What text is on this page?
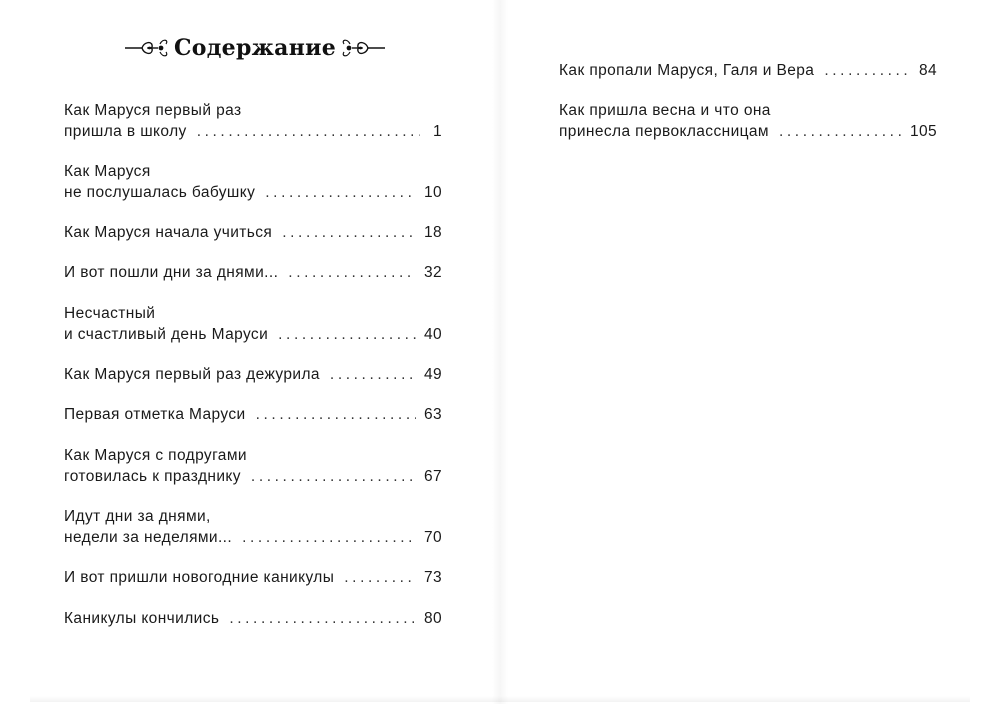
Содержание
Как Маруся первый раз
пришла в школу .....	1
Как Маруся
не послушалась бабушку .....	10
Как Маруся начала учиться .....	18
И вот пошли дни за днями... .....	32
Несчастный
и счастливый день Маруси .....	40
Как Маруся первый раз дежурила .....	49
Первая отметка Маруси .....	63
Как Маруся с подругами
готовилась к празднику .....	67
Идут дни за днями,
недели за неделями... .....	70
И вот пришли новогодние каникулы .....	73
Каникулы кончились .....	80
Как пропали Маруся, Галя и Вера .....	84
Как пришла весна и что она
принесла первоклассницам .....	105
